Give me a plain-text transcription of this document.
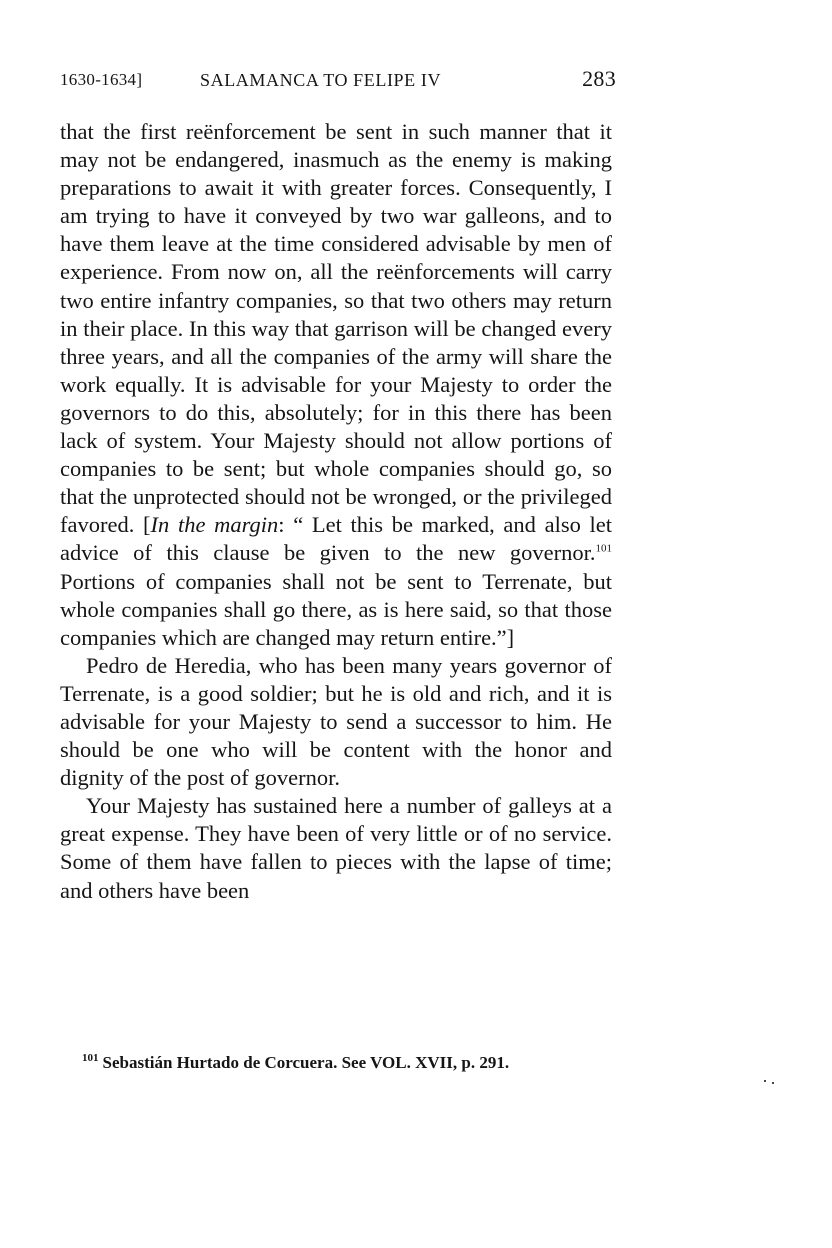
1630-1634]	SALAMANCA TO FELIPE IV	283

that the first reënforcement be sent in such manner that it may not be endangered, inasmuch as the enemy is making preparations to await it with greater forces. Consequently, I am trying to have it conveyed by two war galleons, and to have them leave at the time considered advisable by men of experience. From now on, all the reënforcements will carry two entire infantry companies, so that two others may return in their place. In this way that garrison will be changed every three years, and all the companies of the army will share the work equally. It is advisable for your Majesty to order the governors to do this, absolutely; for in this there has been lack of system. Your Majesty should not allow portions of companies to be sent; but whole companies should go, so that the unprotected should not be wronged, or the privileged favored. [In the margin: “ Let this be marked, and also let advice of this clause be given to the new governor.$^{101}$ Portions of companies shall not be sent to Terrenate, but whole companies shall go there, as is here said, so that those companies which are changed may return entire.”]

Pedro de Heredia, who has been many years governor of Terrenate, is a good soldier; but he is old and rich, and it is advisable for your Majesty to send a successor to him. He should be one who will be content with the honor and dignity of the post of governor.

Your Majesty has sustained here a number of galleys at a great expense. They have been of very little or of no service. Some of them have fallen to pieces with the lapse of time; and others have been

$^{101}$ Sebastián Hurtado de Corcuera. See VOL. XVII, p. 291.
